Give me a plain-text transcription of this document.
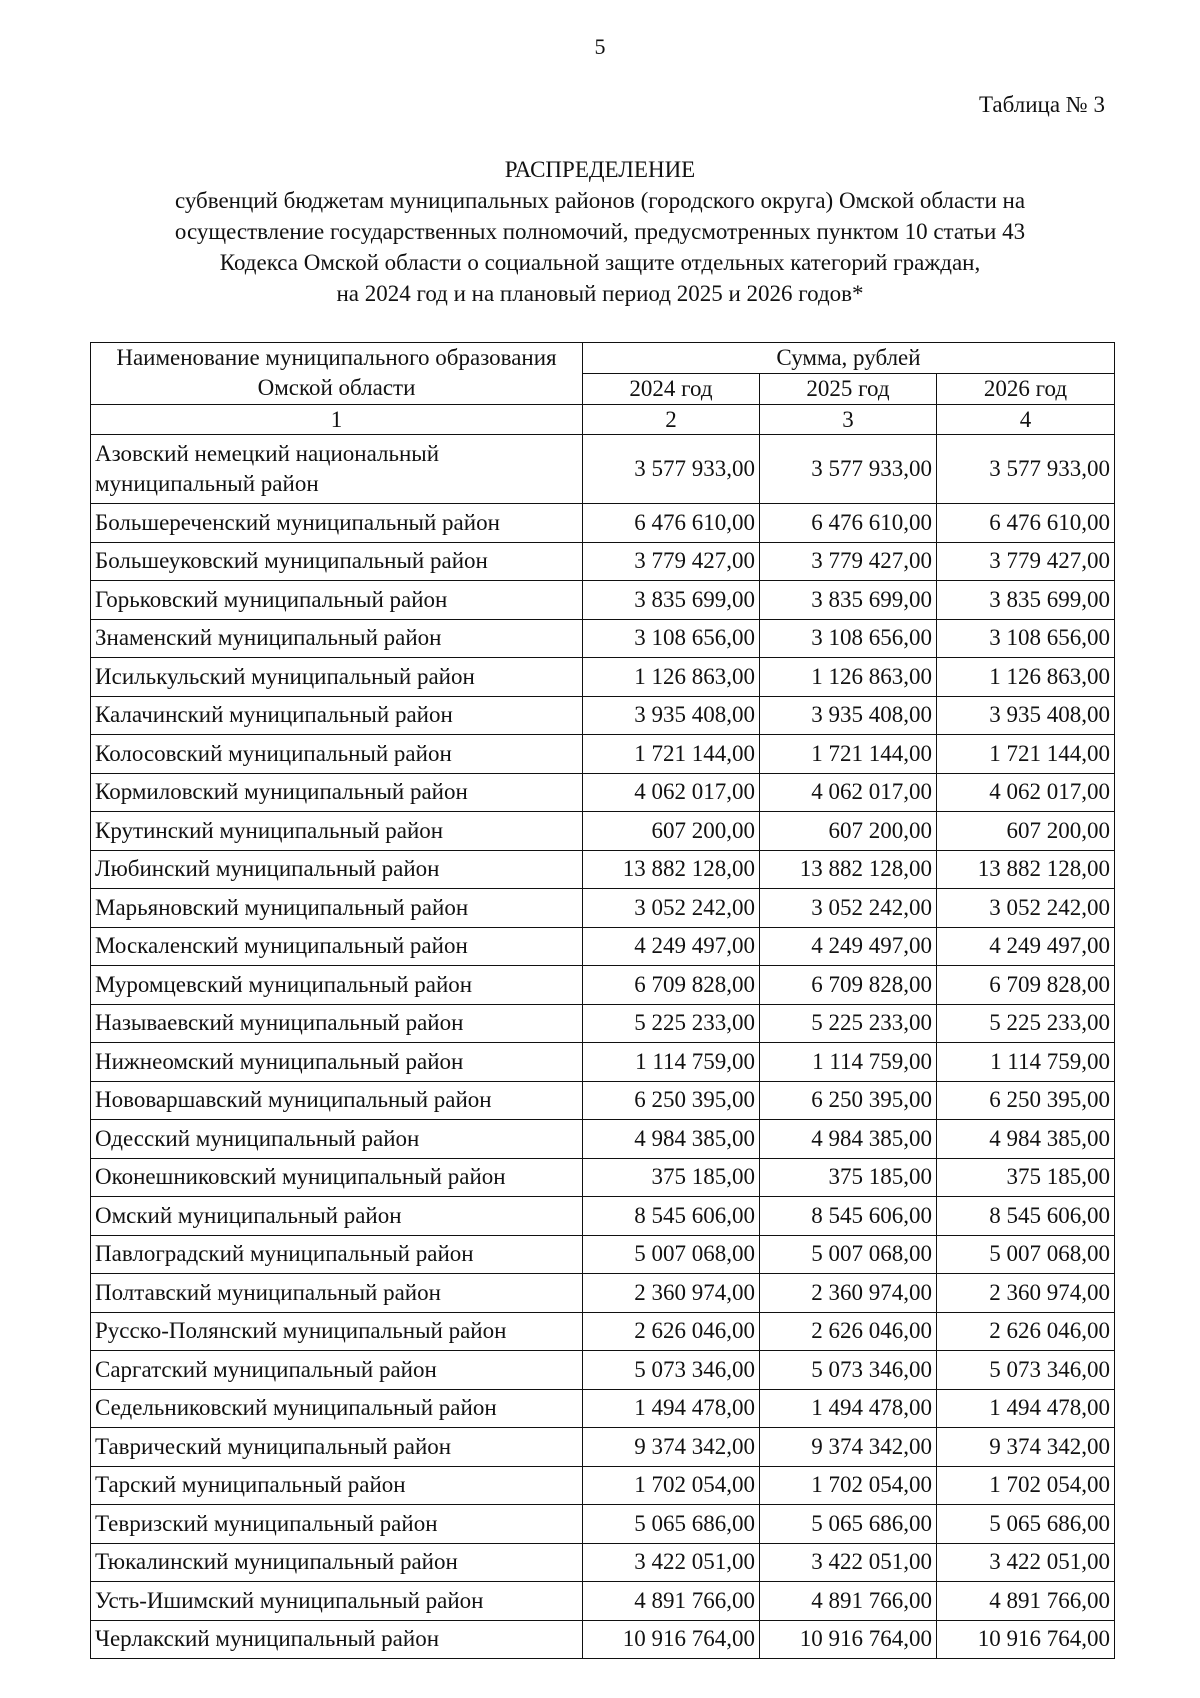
5
Таблица № 3
РАСПРЕДЕЛЕНИЕ
субвенций бюджетам муниципальных районов (городского округа) Омской области на
осуществление государственных полномочий, предусмотренных пунктом 10 статьи 43
Кодекса Омской области о социальной защите отдельных категорий граждан,
на 2024 год и на плановый период 2025 и 2026 годов*
Наименование муниципального образования Омской области	Сумма, рублей		
	2024 год	2025 год	2026 год
1	2	3	4
Азовский немецкий национальный муниципальный район	3 577 933,00	3 577 933,00	3 577 933,00
Большереченский муниципальный район	6 476 610,00	6 476 610,00	6 476 610,00
Большеуковский муниципальный район	3 779 427,00	3 779 427,00	3 779 427,00
Горьковский муниципальный район	3 835 699,00	3 835 699,00	3 835 699,00
Знаменский муниципальный район	3 108 656,00	3 108 656,00	3 108 656,00
Исилькульский муниципальный район	1 126 863,00	1 126 863,00	1 126 863,00
Калачинский муниципальный район	3 935 408,00	3 935 408,00	3 935 408,00
Колосовский муниципальный район	1 721 144,00	1 721 144,00	1 721 144,00
Кормиловский муниципальный район	4 062 017,00	4 062 017,00	4 062 017,00
Крутинский муниципальный район	607 200,00	607 200,00	607 200,00
Любинский муниципальный район	13 882 128,00	13 882 128,00	13 882 128,00
Марьяновский муниципальный район	3 052 242,00	3 052 242,00	3 052 242,00
Москаленский муниципальный район	4 249 497,00	4 249 497,00	4 249 497,00
Муромцевский муниципальный район	6 709 828,00	6 709 828,00	6 709 828,00
Называевский муниципальный район	5 225 233,00	5 225 233,00	5 225 233,00
Нижнеомский муниципальный район	1 114 759,00	1 114 759,00	1 114 759,00
Нововаршавский муниципальный район	6 250 395,00	6 250 395,00	6 250 395,00
Одесский муниципальный район	4 984 385,00	4 984 385,00	4 984 385,00
Оконешниковский муниципальный район	375 185,00	375 185,00	375 185,00
Омский муниципальный район	8 545 606,00	8 545 606,00	8 545 606,00
Павлоградский муниципальный район	5 007 068,00	5 007 068,00	5 007 068,00
Полтавский муниципальный район	2 360 974,00	2 360 974,00	2 360 974,00
Русско-Полянский муниципальный район	2 626 046,00	2 626 046,00	2 626 046,00
Саргатский муниципальный район	5 073 346,00	5 073 346,00	5 073 346,00
Седельниковский муниципальный район	1 494 478,00	1 494 478,00	1 494 478,00
Таврический муниципальный район	9 374 342,00	9 374 342,00	9 374 342,00
Тарский муниципальный район	1 702 054,00	1 702 054,00	1 702 054,00
Тевризский муниципальный район	5 065 686,00	5 065 686,00	5 065 686,00
Тюкалинский муниципальный район	3 422 051,00	3 422 051,00	3 422 051,00
Усть-Ишимский муниципальный район	4 891 766,00	4 891 766,00	4 891 766,00
Черлакский муниципальный район	10 916 764,00	10 916 764,00	10 916 764,00
